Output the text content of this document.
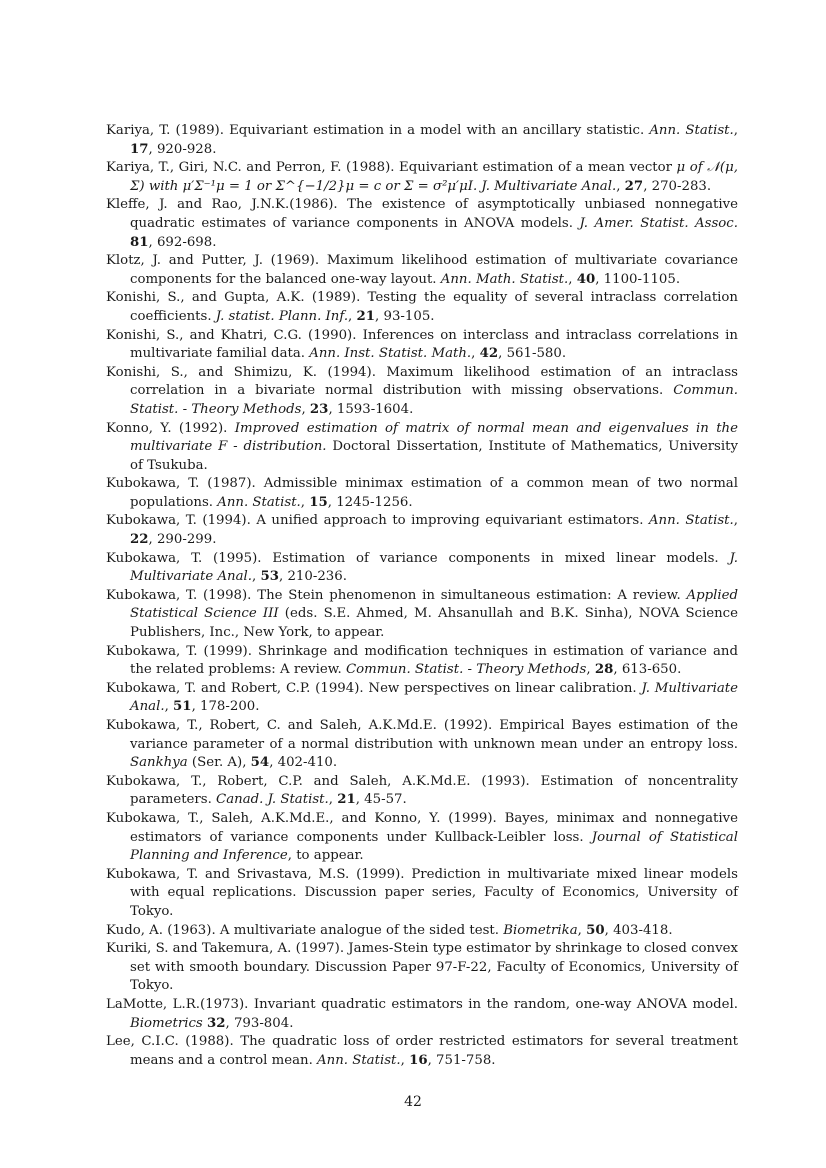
Kariya, T. (1989). Equivariant estimation in a model with an ancillary statistic. Ann. Statist., 17, 920-928.

Kariya, T., Giri, N.C. and Perron, F. (1988). Equivariant estimation of a mean vector μ of 𝒩(μ, Σ) with μ′Σ⁻¹μ = 1 or Σ^{−1/2}μ = c or Σ = σ²μ′μI. J. Multivariate Anal., 27, 270-283.

Kleffe, J. and Rao, J.N.K.(1986). The existence of asymptotically unbiased nonnegative quadratic estimates of variance components in ANOVA models. J. Amer. Statist. Assoc. 81, 692-698.

Klotz, J. and Putter, J. (1969). Maximum likelihood estimation of multivariate covariance components for the balanced one-way layout. Ann. Math. Statist., 40, 1100-1105.

Konishi, S., and Gupta, A.K. (1989). Testing the equality of several intraclass correlation coefficients. J. statist. Plann. Inf., 21, 93-105.

Konishi, S., and Khatri, C.G. (1990). Inferences on interclass and intraclass correlations in multivariate familial data. Ann. Inst. Statist. Math., 42, 561-580.

Konishi, S., and Shimizu, K. (1994). Maximum likelihood estimation of an intraclass correlation in a bivariate normal distribution with missing observations. Commun. Statist. - Theory Methods, 23, 1593-1604.

Konno, Y. (1992). Improved estimation of matrix of normal mean and eigenvalues in the multivariate F - distribution. Doctoral Dissertation, Institute of Mathematics, University of Tsukuba.

Kubokawa, T. (1987). Admissible minimax estimation of a common mean of two normal populations. Ann. Statist., 15, 1245-1256.

Kubokawa, T. (1994). A unified approach to improving equivariant estimators. Ann. Statist., 22, 290-299.

Kubokawa, T. (1995). Estimation of variance components in mixed linear models. J. Multivariate Anal., 53, 210-236.

Kubokawa, T. (1998). The Stein phenomenon in simultaneous estimation: A review. Applied Statistical Science III (eds. S.E. Ahmed, M. Ahsanullah and B.K. Sinha), NOVA Science Publishers, Inc., New York, to appear.

Kubokawa, T. (1999). Shrinkage and modification techniques in estimation of variance and the related problems: A review. Commun. Statist. - Theory Methods, 28, 613-650.

Kubokawa, T. and Robert, C.P. (1994). New perspectives on linear calibration. J. Multivariate Anal., 51, 178-200.

Kubokawa, T., Robert, C. and Saleh, A.K.Md.E. (1992). Empirical Bayes estimation of the variance parameter of a normal distribution with unknown mean under an entropy loss. Sankhya (Ser. A), 54, 402-410.

Kubokawa, T., Robert, C.P. and Saleh, A.K.Md.E. (1993). Estimation of noncentrality parameters. Canad. J. Statist., 21, 45-57.

Kubokawa, T., Saleh, A.K.Md.E., and Konno, Y. (1999). Bayes, minimax and nonnegative estimators of variance components under Kullback-Leibler loss. Journal of Statistical Planning and Inference, to appear.

Kubokawa, T. and Srivastava, M.S. (1999). Prediction in multivariate mixed linear models with equal replications. Discussion paper series, Faculty of Economics, University of Tokyo.

Kudo, A. (1963). A multivariate analogue of the sided test. Biometrika, 50, 403-418.

Kuriki, S. and Takemura, A. (1997). James-Stein type estimator by shrinkage to closed convex set with smooth boundary. Discussion Paper 97-F-22, Faculty of Economics, University of Tokyo.

LaMotte, L.R.(1973). Invariant quadratic estimators in the random, one-way ANOVA model. Biometrics 32, 793-804.

Lee, C.I.C. (1988). The quadratic loss of order restricted estimators for several treatment means and a control mean. Ann. Statist., 16, 751-758.

42
